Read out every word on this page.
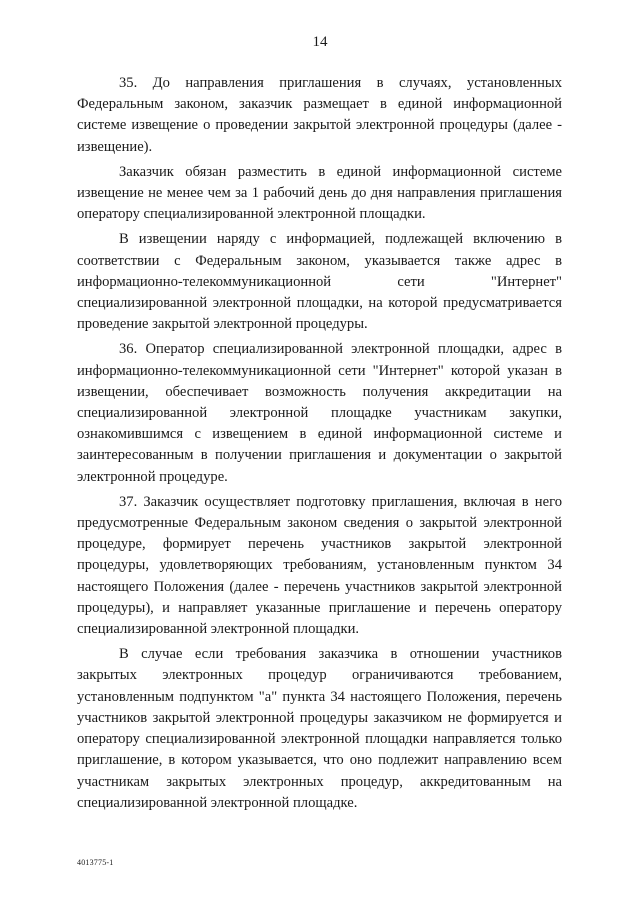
14

35. До направления приглашения в случаях, установленных Федеральным законом, заказчик размещает в единой информационной системе извещение о проведении закрытой электронной процедуры (далее - извещение).

Заказчик обязан разместить в единой информационной системе извещение не менее чем за 1 рабочий день до дня направления приглашения оператору специализированной электронной площадки.

В извещении наряду с информацией, подлежащей включению в соответствии с Федеральным законом, указывается также адрес в информационно-телекоммуникационной сети "Интернет" специализированной электронной площадки, на которой предусматривается проведение закрытой электронной процедуры.

36. Оператор специализированной электронной площадки, адрес в информационно-телекоммуникационной сети "Интернет" которой указан в извещении, обеспечивает возможность получения аккредитации на специализированной электронной площадке участникам закупки, ознакомившимся с извещением в единой информационной системе и заинтересованным в получении приглашения и документации о закрытой электронной процедуре.

37. Заказчик осуществляет подготовку приглашения, включая в него предусмотренные Федеральным законом сведения о закрытой электронной процедуре, формирует перечень участников закрытой электронной процедуры, удовлетворяющих требованиям, установленным пунктом 34 настоящего Положения (далее - перечень участников закрытой электронной процедуры), и направляет указанные приглашение и перечень оператору специализированной электронной площадки.

В случае если требования заказчика в отношении участников закрытых электронных процедур ограничиваются требованием, установленным подпунктом "а" пункта 34 настоящего Положения, перечень участников закрытой электронной процедуры заказчиком не формируется и оператору специализированной электронной площадки направляется только приглашение, в котором указывается, что оно подлежит направлению всем участникам закрытых электронных процедур, аккредитованным на специализированной электронной площадке.

4013775-1
